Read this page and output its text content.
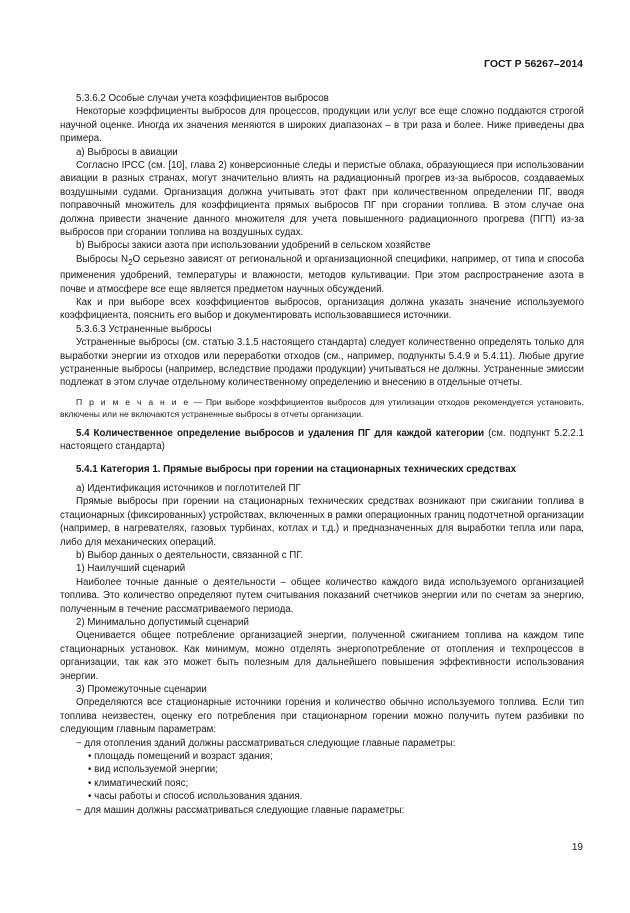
ГОСТ Р 56267–2014

5.3.6.2 Особые случаи учета коэффициентов выбросов

Некоторые коэффициенты выбросов для процессов, продукции или услуг все еще сложно поддаются строгой научной оценке. Иногда их значения меняются в широких диапазонах – в три раза и более. Ниже приведены два примера.

а) Выбросы в авиации

Согласно IPCC (см. [10], глава 2) конверсионные следы и перистые облака, образующиеся при использовании авиации в разных странах, могут значительно влиять на радиационный прогрев из-за выбросов, создаваемых воздушными судами. Организация должна учитывать этот факт при количественном определении ПГ, вводя поправочный множитель для коэффициента прямых выбросов ПГ при сгорании топлива. В этом случае она должна привести значение данного множителя для учета повышенного радиационного прогрева (ПГП) из-за выбросов при сгорании топлива на воздушных судах.

b) Выбросы закиси азота при использовании удобрений в сельском хозяйстве

Выбросы $N_2O$ серьезно зависят от региональной и организационной специфики, например, от типа и способа применения удобрений, температуры и влажности, методов культивации. При этом распространение азота в почве и атмосфере все еще является предметом научных обсуждений.

Как и при выборе всех коэффициентов выбросов, организация должна указать значение используемого коэффициента, пояснить его выбор и документировать использовавшиеся источники.

5.3.6.3 Устраненные выбросы

Устраненные выбросы (см. статью 3.1.5 настоящего стандарта) следует количественно определять только для выработки энергии из отходов или переработки отходов (см., например, подпункты 5.4.9 и 5.4.11). Любые другие устраненные выбросы (например, вследствие продажи продукции) учитываться не должны. Устраненные эмиссии подлежат в этом случае отдельному количественному определению и внесению в отдельные отчеты.

П р и м е ч а н и е — При выборе коэффициентов выбросов для утилизации отходов рекомендуется установить, включены или не включаются устраненные выбросы в отчеты организации.

5.4 Количественное определение выбросов и удаления ПГ для каждой категории (см. подпункт 5.2.2.1 настоящего стандарта)

5.4.1 Категория 1. Прямые выбросы при горении на стационарных технических средствах

а) Идентификация источников и поглотителей ПГ

Прямые выбросы при горении на стационарных технических средствах возникают при сжигании топлива в стационарных (фиксированных) устройствах, включенных в рамки операционных границ подотчетной организации (например, в нагревателях, газовых турбинах, котлах и т.д.) и предназначенных для выработки тепла или пара, либо для механических операций.

b) Выбор данных о деятельности, связанной с ПГ.

1) Наилучший сценарий

Наиболее точные данные о деятельности – общее количество каждого вида используемого организацией топлива. Это количество определяют путем считывания показаний счетчиков энергии или по счетам за энергию, полученным в течение рассматриваемого периода.

2) Минимально допустимый сценарий

Оценивается общее потребление организацией энергии, полученной сжиганием топлива на каждом типе стационарных установок. Как минимум, можно отделять энергопотребление от отопления и техпроцессов в организации, так как это может быть полезным для дальнейшего повышения эффективности использования энергии.

3) Промежуточные сценарии

Определяются все стационарные источники горения и количество обычно используемого топлива. Если тип топлива неизвестен, оценку его потребления при стационарном горении можно получить путем разбивки по следующим главным параметрам:

− для отопления зданий должны рассматриваться следующие главные параметры:

• площадь помещений и возраст здания;

• вид используемой энергии;

• климатический пояс;

• часы работы и способ использования здания.

− для машин должны рассматриваться следующие главные параметры:

19
